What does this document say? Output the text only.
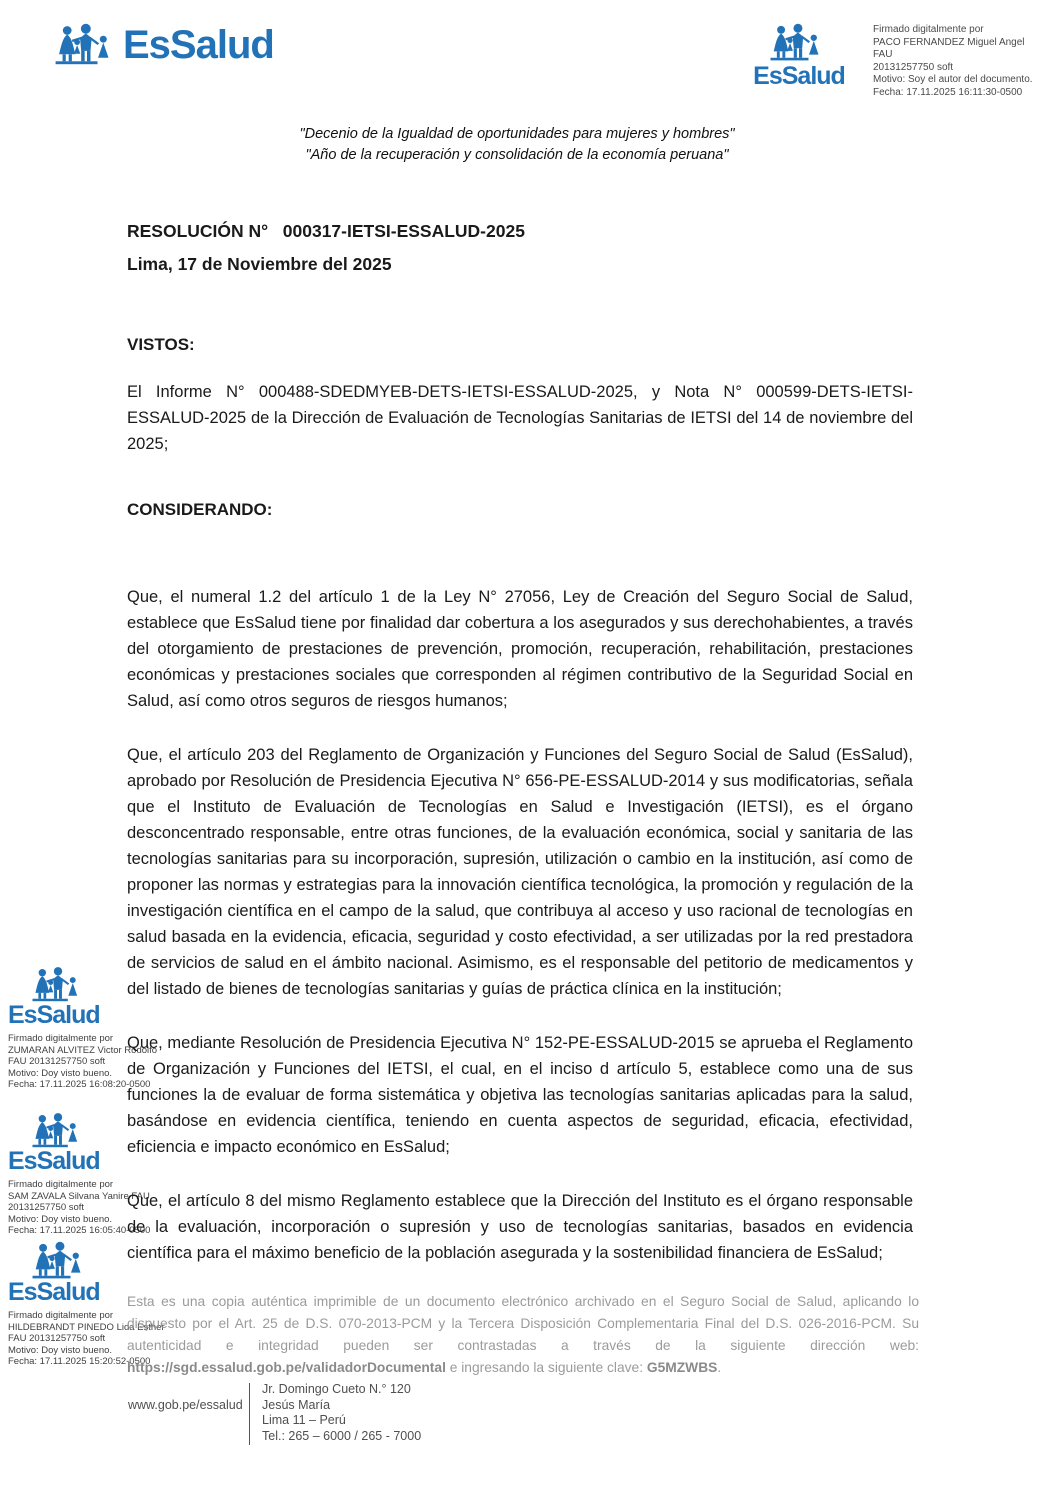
EsSalud
EsSalud
Firmado digitalmente por
PACO FERNANDEZ Miguel Angel FAU
20131257750 soft
Motivo: Soy el autor del documento.
Fecha: 17.11.2025 16:11:30-0500
"Decenio de la Igualdad de oportunidades para mujeres y hombres"
"Año de la recuperación y consolidación de la economía peruana"
RESOLUCIÓN N°   000317-IETSI-ESSALUD-2025
Lima, 17 de Noviembre del 2025
VISTOS:

El Informe N° 000488-SDEDMYEB-DETS-IETSI-ESSALUD-2025, y Nota N° 000599-DETS-IETSI-ESSALUD-2025 de la Dirección de Evaluación de Tecnologías Sanitarias de IETSI del 14 de noviembre del 2025;

CONSIDERANDO:

Que, el numeral 1.2 del artículo 1 de la Ley N° 27056, Ley de Creación del Seguro Social de Salud, establece que EsSalud tiene por finalidad dar cobertura a los asegurados y sus derechohabientes, a través del otorgamiento de prestaciones de prevención, promoción, recuperación, rehabilitación, prestaciones económicas y prestaciones sociales que corresponden al régimen contributivo de la Seguridad Social en Salud, así como otros seguros de riesgos humanos;

Que, el artículo 203 del Reglamento de Organización y Funciones del Seguro Social de Salud (EsSalud), aprobado por Resolución de Presidencia Ejecutiva N° 656-PE-ESSALUD-2014 y sus modificatorias, señala que el Instituto de Evaluación de Tecnologías en Salud e Investigación (IETSI), es el órgano desconcentrado responsable, entre otras funciones, de la evaluación económica, social y sanitaria de las tecnologías sanitarias para su incorporación, supresión, utilización o cambio en la institución, así como de proponer las normas y estrategias para la innovación científica tecnológica, la promoción y regulación de la investigación científica en el campo de la salud, que contribuya al acceso y uso racional de tecnologías en salud basada en la evidencia, eficacia, seguridad y costo efectividad, a ser utilizadas por la red prestadora de servicios de salud en el ámbito nacional. Asimismo, es el responsable del petitorio de medicamentos y del listado de bienes de tecnologías sanitarias y guías de práctica clínica en la institución;

Que, mediante Resolución de Presidencia Ejecutiva N° 152-PE-ESSALUD-2015 se aprueba el Reglamento de Organización y Funciones del IETSI, el cual, en el inciso d artículo 5, establece como una de sus funciones la de evaluar de forma sistemática y objetiva las tecnologías sanitarias aplicadas para la salud, basándose en evidencia científica, teniendo en cuenta aspectos de seguridad, eficacia, efectividad, eficiencia e impacto económico en EsSalud;

Que, el artículo 8 del mismo Reglamento establece que la Dirección del Instituto es el órgano responsable de la evaluación, incorporación o supresión y uso de tecnologías sanitarias, basados en evidencia científica para el máximo beneficio de la población asegurada y la sostenibilidad financiera de EsSalud;

EsSalud
Firmado digitalmente por
ZUMARAN ALVITEZ Victor Rodolfo
FAU 20131257750 soft
Motivo: Doy visto bueno.
Fecha: 17.11.2025 16:08:20-0500
EsSalud
Firmado digitalmente por
SAM ZAVALA Silvana Yanire FAU
20131257750 soft
Motivo: Doy visto bueno.
Fecha: 17.11.2025 16:05:40-0500
EsSalud
Firmado digitalmente por
HILDEBRANDT PINEDO Lida Esther
FAU 20131257750 soft
Motivo: Doy visto bueno.
Fecha: 17.11.2025 15:20:52-0500

Esta es una copia auténtica imprimible de un documento electrónico archivado en el Seguro Social de Salud, aplicando lo dispuesto por el Art. 25 de D.S. 070-2013-PCM y la Tercera Disposición Complementaria Final del D.S. 026-2016-PCM. Su autenticidad e integridad pueden ser contrastadas a través de la siguiente dirección web: https://sgd.essalud.gob.pe/validadorDocumental e ingresando la siguiente clave: G5MZWBS.

www.gob.pe/essalud
Jr. Domingo Cueto N.° 120
Jesús María
Lima 11 – Perú
Tel.: 265 – 6000 / 265 - 7000
